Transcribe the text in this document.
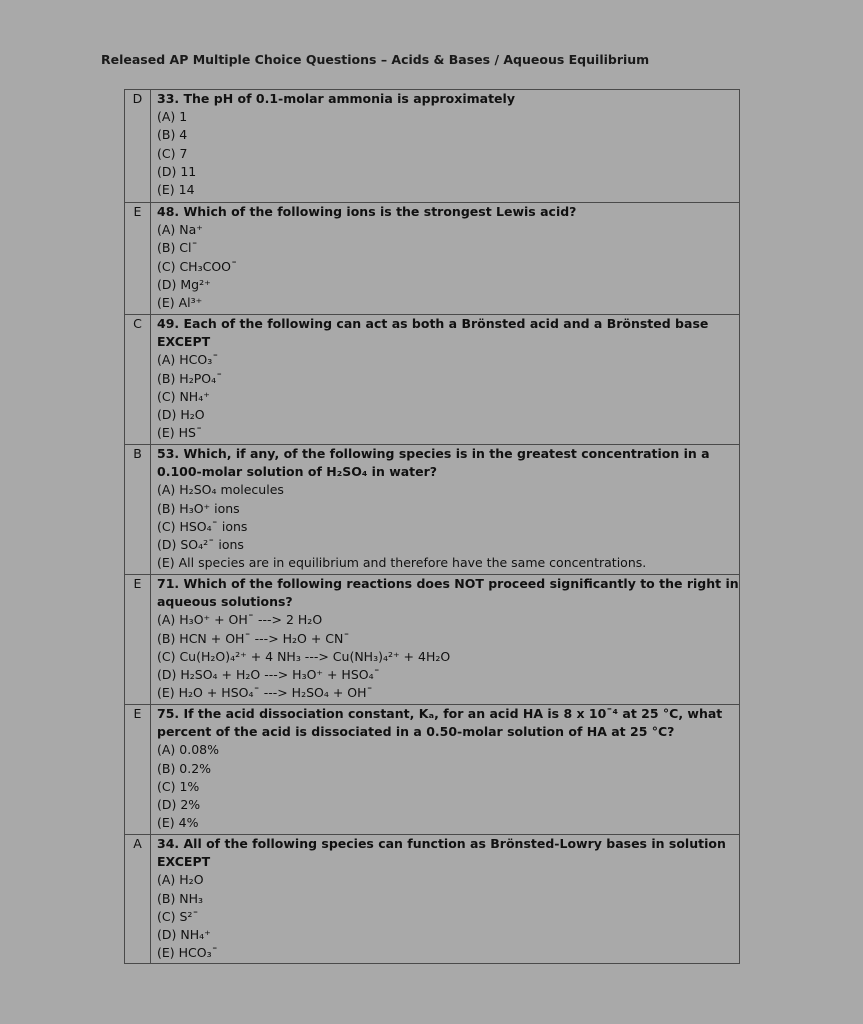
Released AP Multiple Choice Questions – Acids & Bases / Aqueous Equilibrium
D	33. The pH of 0.1-molar ammonia is approximately
(A) 1
(B) 4
(C) 7
(D) 11
(E) 14
E	48. Which of the following ions is the strongest Lewis acid?
(A) Na⁺
(B) Cl¯
(C) CH₃COO¯
(D) Mg²⁺
(E) Al³⁺
C	49. Each of the following can act as both a Brönsted acid and a Brönsted base EXCEPT
(A) HCO₃¯
(B) H₂PO₄¯
(C) NH₄⁺
(D) H₂O
(E) HS¯
B	53. Which, if any, of the following species is in the greatest concentration in a 0.100-molar solution of H₂SO₄ in water?
(A) H₂SO₄ molecules
(B) H₃O⁺ ions
(C) HSO₄¯ ions
(D) SO₄²¯ ions
(E) All species are in equilibrium and therefore have the same concentrations.
E	71. Which of the following reactions does NOT proceed significantly to the right in aqueous solutions?
(A) H₃O⁺ + OH¯ ---> 2 H₂O
(B) HCN + OH¯ ---> H₂O + CN¯
(C) Cu(H₂O)₄²⁺ + 4 NH₃ ---> Cu(NH₃)₄²⁺ + 4H₂O
(D) H₂SO₄ + H₂O ---> H₃O⁺ + HSO₄¯
(E) H₂O + HSO₄¯ ---> H₂SO₄ + OH¯
E	75. If the acid dissociation constant, Kₐ, for an acid HA is 8 x 10¯⁴ at 25 °C, what percent of the acid is dissociated in a 0.50-molar solution of HA at 25 °C?
(A) 0.08%
(B) 0.2%
(C) 1%
(D) 2%
(E) 4%
A	34. All of the following species can function as Brönsted-Lowry bases in solution EXCEPT
(A) H₂O
(B) NH₃
(C) S²¯
(D) NH₄⁺
(E) HCO₃¯
